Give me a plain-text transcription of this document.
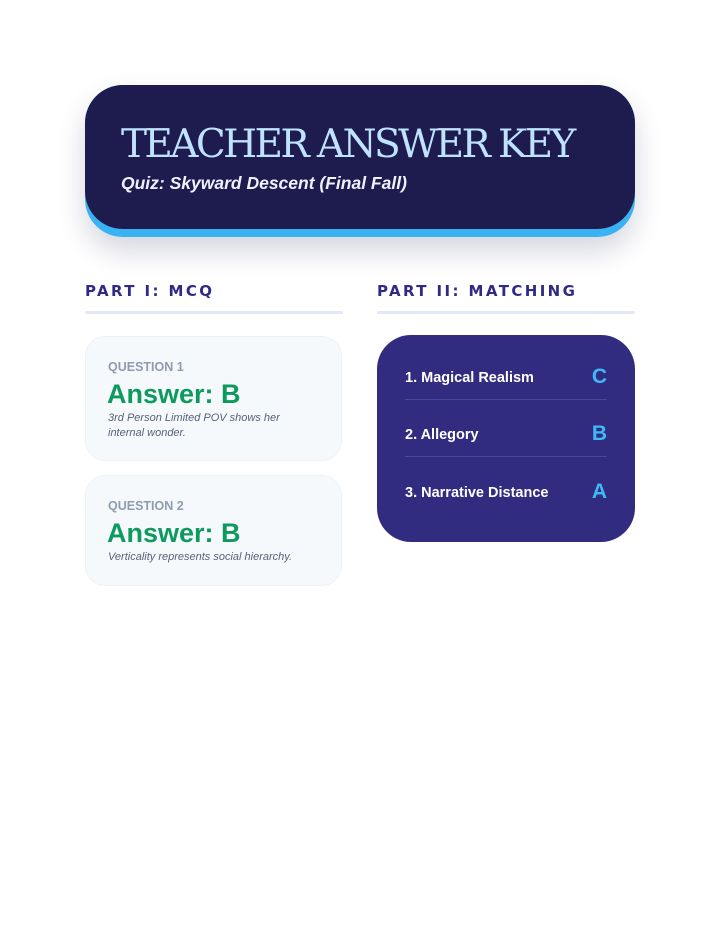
TEACHER ANSWER KEY

Quiz: Skyward Descent (Final Fall)

PART I: MCQ	PART II: MATCHING

QUESTION 1

Answer: B

3rd Person Limited POV shows her internal wonder.

QUESTION 2

Answer: B

Verticality represents social hierarchy.

1. Magical Realism	C

2. Allegory	B

3. Narrative Distance A
